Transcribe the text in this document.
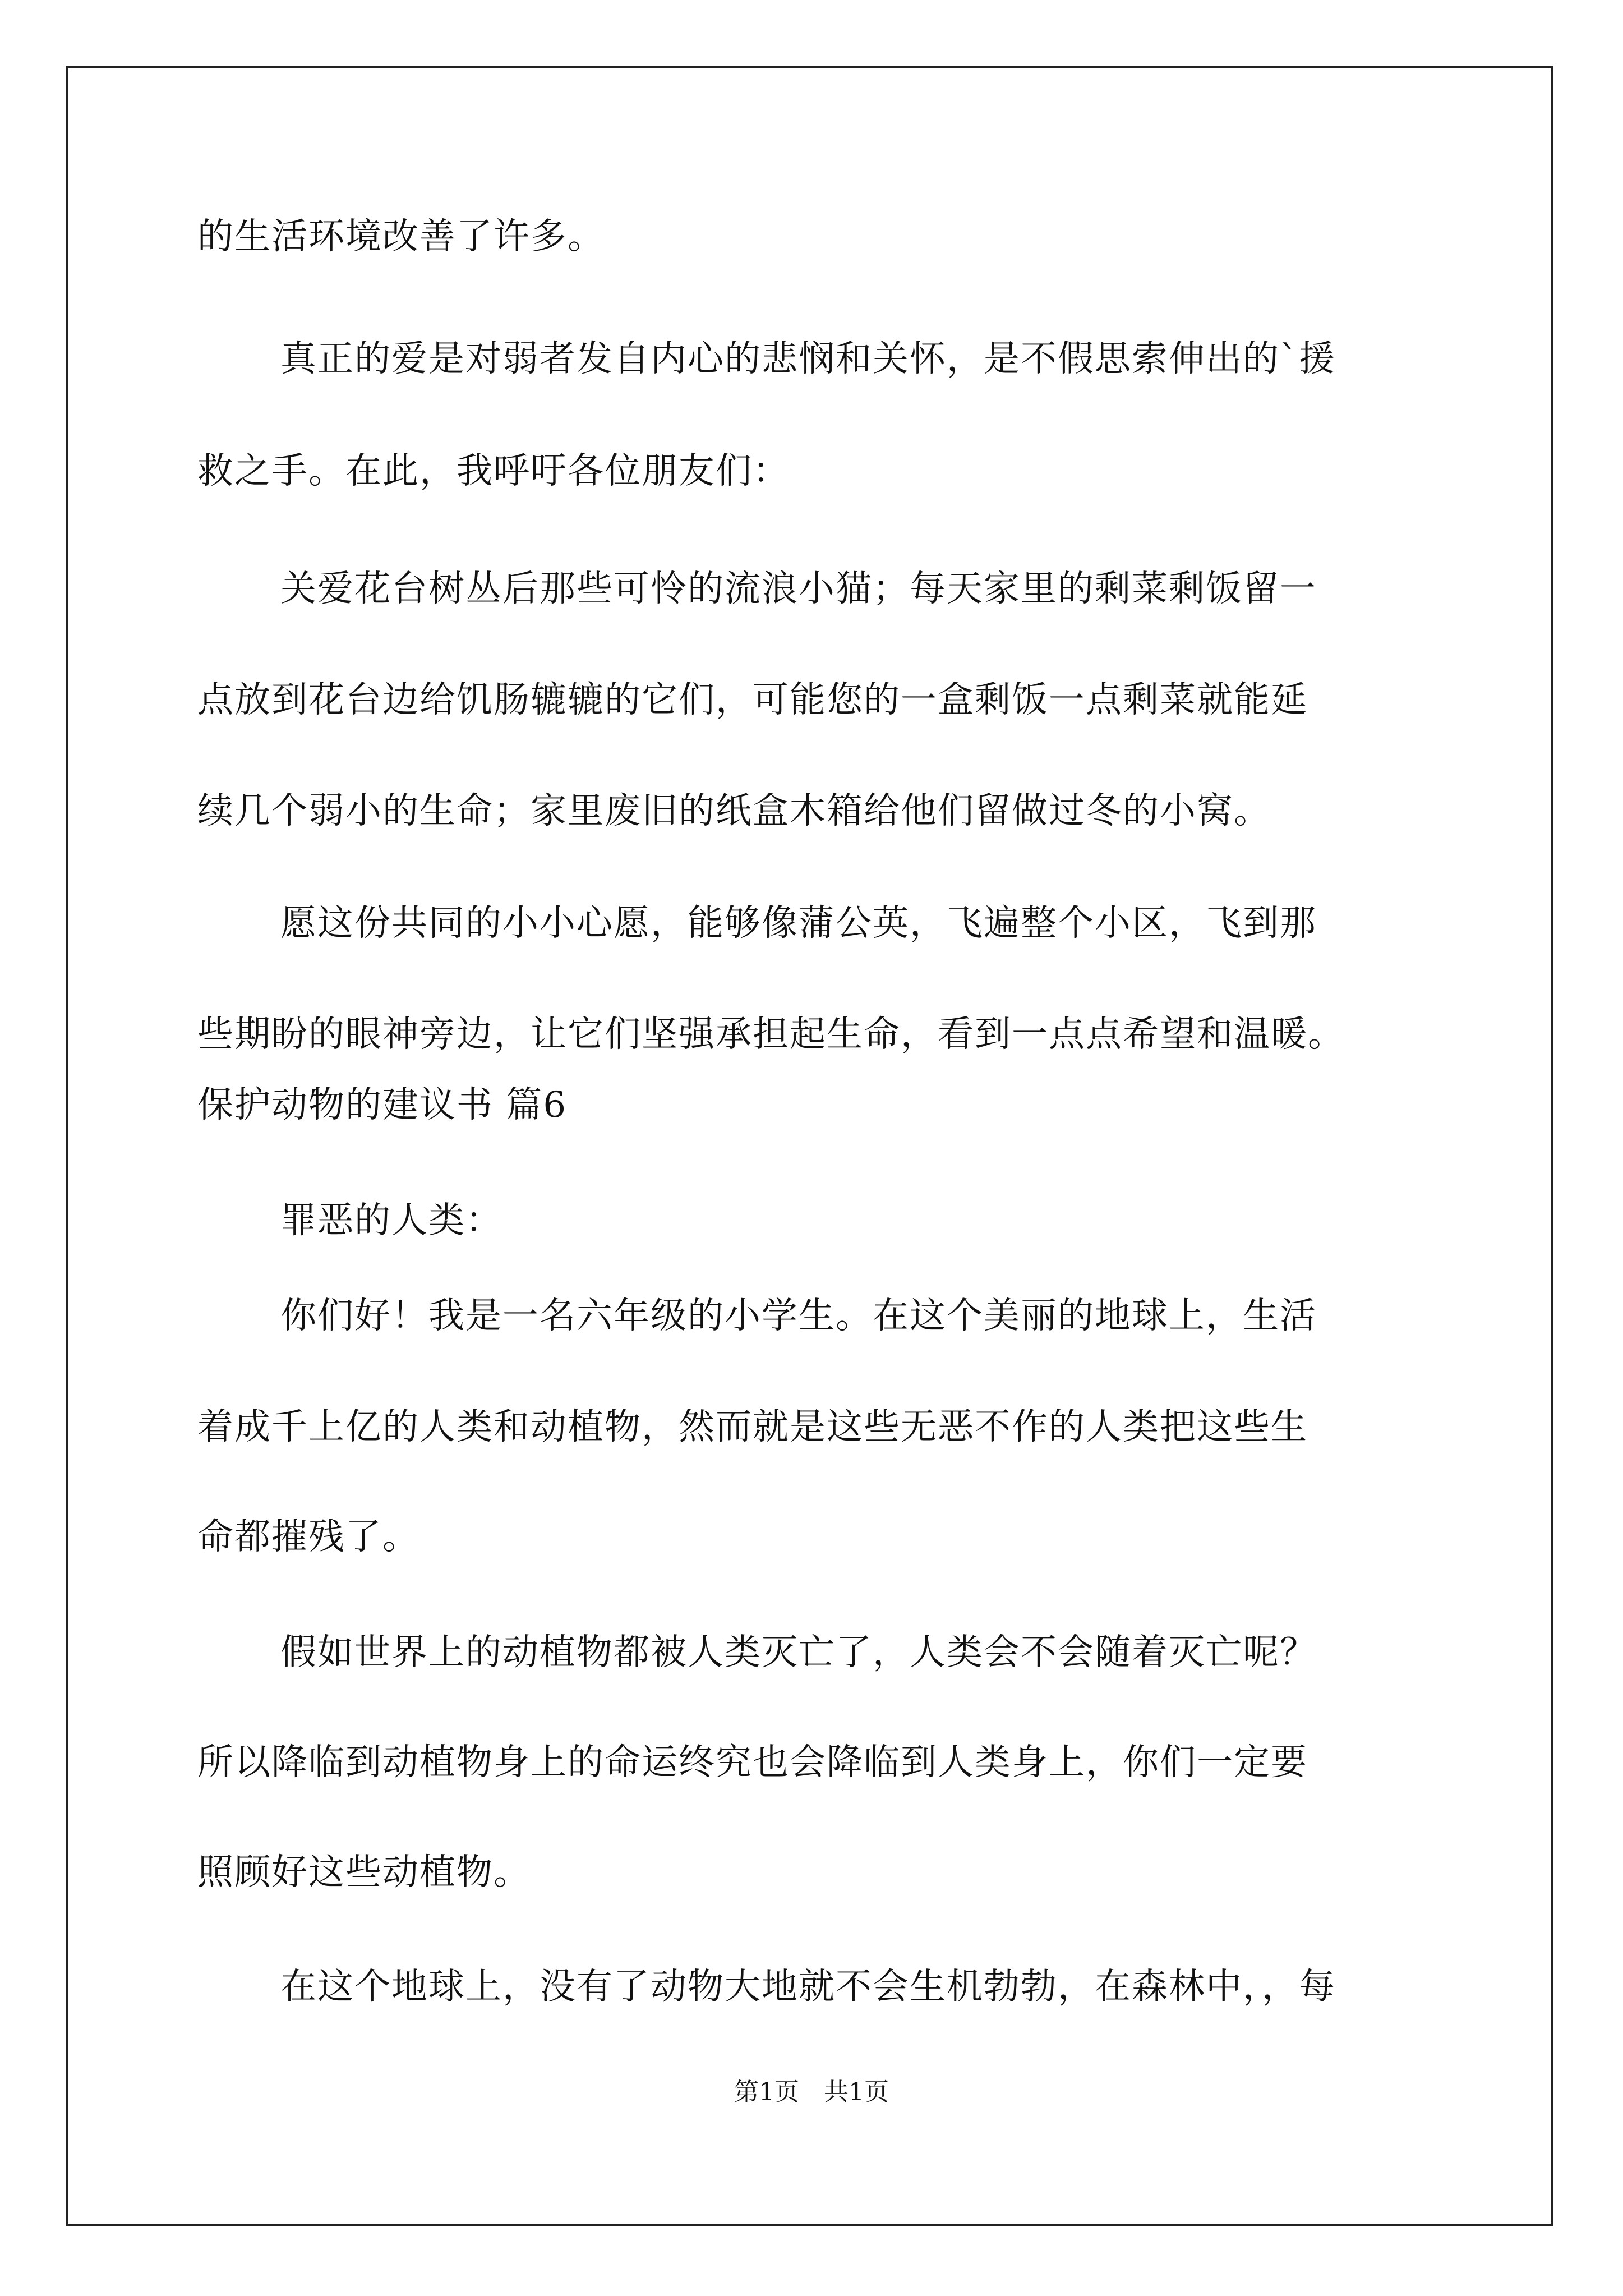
的生活环境改善了许多。
真正的爱是对弱者发自内心的悲悯和关怀，是不假思索伸出的`援
救之手。在此，我呼吁各位朋友们：
关爱花台树丛后那些可怜的流浪小猫；每天家里的剩菜剩饭留一
点放到花台边给饥肠辘辘的它们，可能您的一盒剩饭一点剩菜就能延
续几个弱小的生命；家里废旧的纸盒木箱给他们留做过冬的小窝。
愿这份共同的小小心愿，能够像蒲公英，飞遍整个小区，飞到那
些期盼的眼神旁边，让它们坚强承担起生命，看到一点点希望和温暖。
保护动物的建议书 篇6
罪恶的人类：
你们好！我是一名六年级的小学生。在这个美丽的地球上，生活
着成千上亿的人类和动植物，然而就是这些无恶不作的人类把这些生
命都摧残了。
假如世界上的动植物都被人类灭亡了，人类会不会随着灭亡呢？
所以降临到动植物身上的命运终究也会降临到人类身上，你们一定要
照顾好这些动植物。
在这个地球上，没有了动物大地就不会生机勃勃，在森林中，，每
第1页　共1页
